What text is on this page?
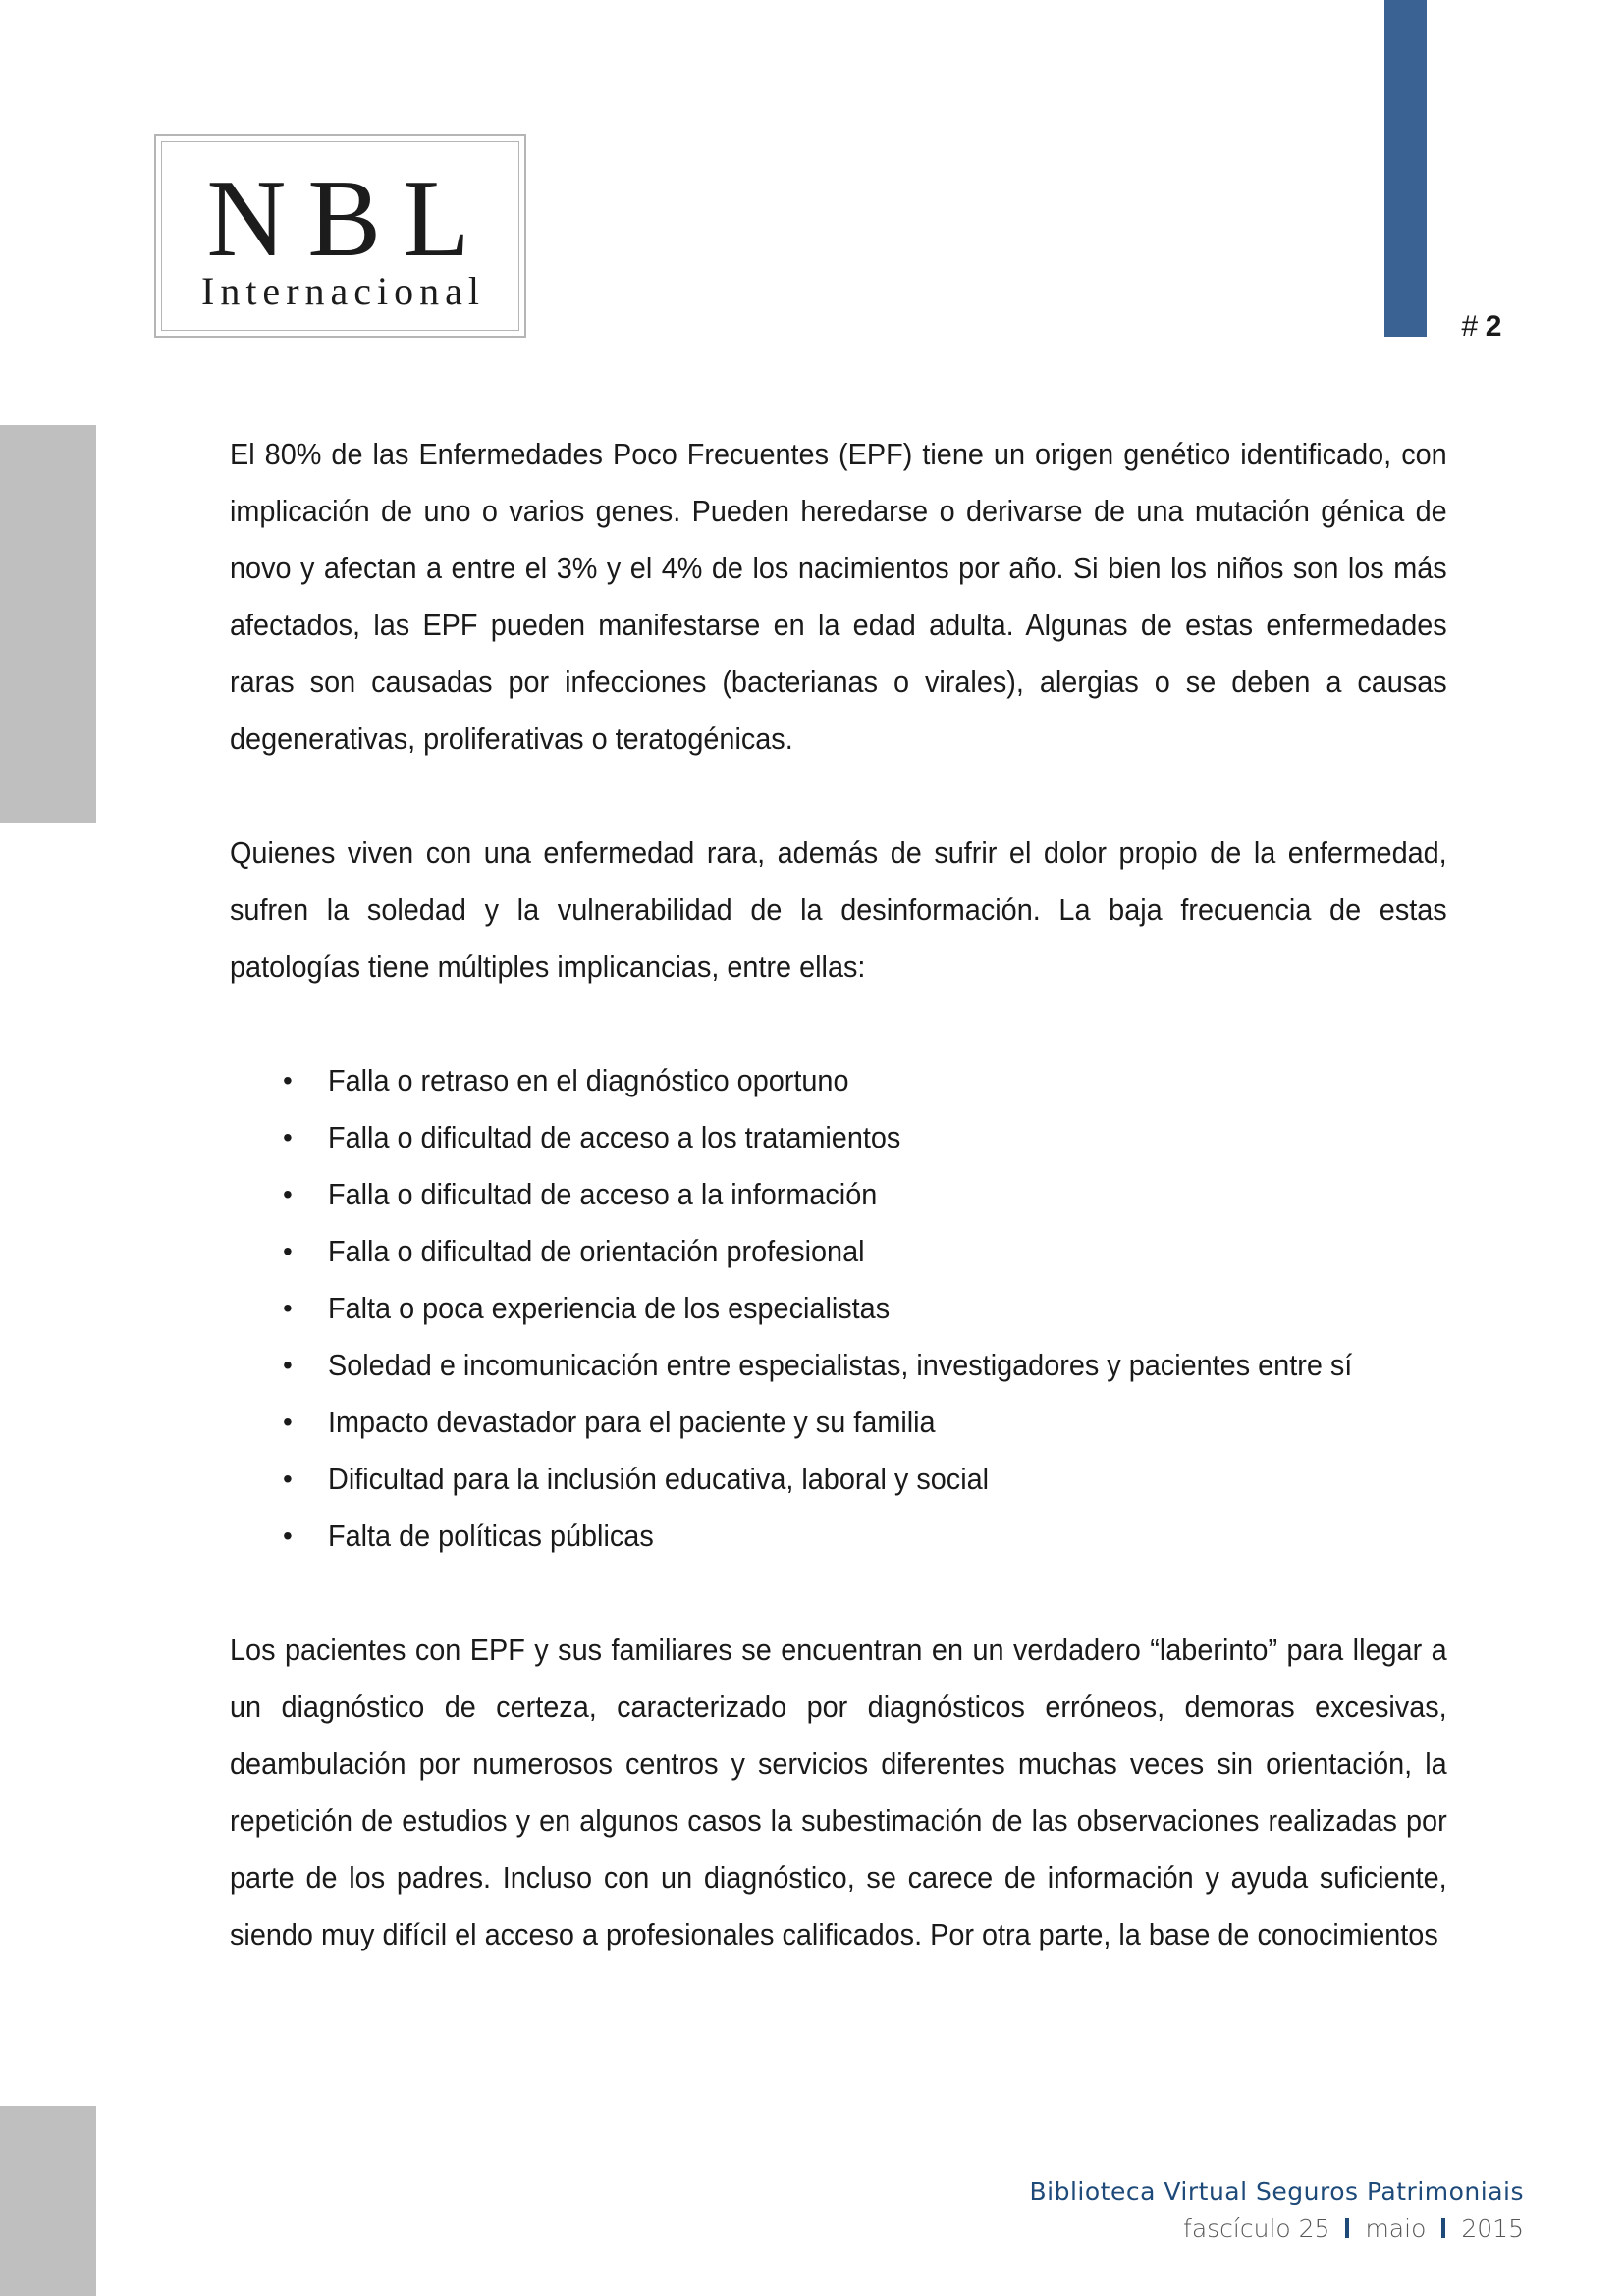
NBL
Internacional
# 2

El 80% de las Enfermedades Poco Frecuentes (EPF) tiene un origen genético identificado, con implicación de uno o varios genes. Pueden heredarse o derivarse de una mutación génica de novo y afectan a entre el 3% y el 4% de los nacimientos por año. Si bien los niños son los más afectados, las EPF pueden manifestarse en la edad adulta. Algunas de estas enfermedades raras son causadas por infecciones (bacterianas o virales), alergias o se deben a causas degenerativas, proliferativas o teratogénicas.

Quienes viven con una enfermedad rara, además de sufrir el dolor propio de la enfermedad, sufren la soledad y la vulnerabilidad de la desinformación. La baja frecuencia de estas patologías tiene múltiples implicancias, entre ellas:

• Falla o retraso en el diagnóstico oportuno
• Falla o dificultad de acceso a los tratamientos
• Falla o dificultad de acceso a la información
• Falla o dificultad de orientación profesional
• Falta o poca experiencia de los especialistas
• Soledad e incomunicación entre especialistas, investigadores y pacientes entre sí
• Impacto devastador para el paciente y su familia
• Dificultad para la inclusión educativa, laboral y social
• Falta de políticas públicas

Los pacientes con EPF y sus familiares se encuentran en un verdadero “laberinto” para llegar a un diagnóstico de certeza, caracterizado por diagnósticos erróneos, demoras excesivas, deambulación por numerosos centros y servicios diferentes muchas veces sin orientación, la repetición de estudios y en algunos casos la subestimación de las observaciones realizadas por parte de los padres. Incluso con un diagnóstico, se carece de información y ayuda suficiente, siendo muy difícil el acceso a profesionales calificados. Por otra parte, la base de conocimientos

Biblioteca Virtual Seguros Patrimoniais
fascículo 25 maio 2015
